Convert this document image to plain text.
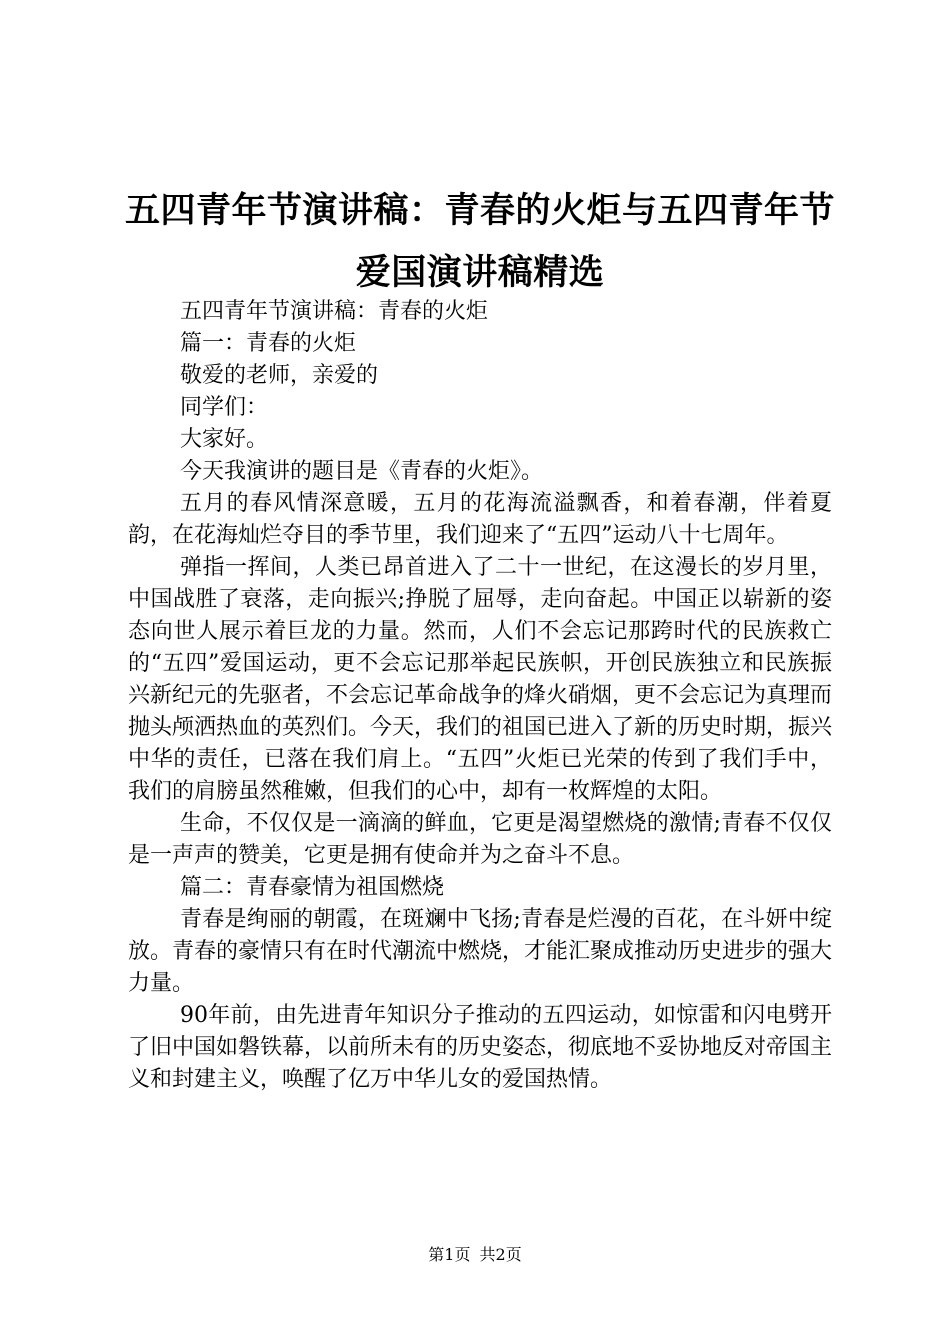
五四青年节演讲稿：青春的火炬与五四青年节
爱国演讲稿精选

五四青年节演讲稿：青春的火炬

篇一：青春的火炬

敬爱的老师，亲爱的

同学们：

大家好。

今天我演讲的题目是《青春的火炬》。

五月的春风情深意暖，五月的花海流溢飘香，和着春潮，伴着夏韵，在花海灿烂夺目的季节里，我们迎来了“五四”运动八十七周年。

弹指一挥间，人类已昂首进入了二十一世纪，在这漫长的岁月里，中国战胜了衰落，走向振兴;挣脱了屈辱，走向奋起。中国正以崭新的姿态向世人展示着巨龙的力量。然而，人们不会忘记那跨时代的民族救亡的“五四”爱国运动，更不会忘记那举起民族帜，开创民族独立和民族振兴新纪元的先驱者，不会忘记革命战争的烽火硝烟，更不会忘记为真理而抛头颅洒热血的英烈们。今天，我们的祖国已进入了新的历史时期，振兴中华的责任，已落在我们肩上。“五四”火炬已光荣的传到了我们手中，我们的肩膀虽然稚嫩，但我们的心中，却有一枚辉煌的太阳。

生命，不仅仅是一滴滴的鲜血，它更是渴望燃烧的激情;青春不仅仅是一声声的赞美，它更是拥有使命并为之奋斗不息。

篇二：青春豪情为祖国燃烧

青春是绚丽的朝霞，在斑斓中飞扬;青春是烂漫的百花，在斗妍中绽放。青春的豪情只有在时代潮流中燃烧，才能汇聚成推动历史进步的强大力量。

90年前，由先进青年知识分子推动的五四运动，如惊雷和闪电劈开了旧中国如磐铁幕，以前所未有的历史姿态，彻底地不妥协地反对帝国主义和封建主义，唤醒了亿万中华儿女的爱国热情。

第1页 共2页
